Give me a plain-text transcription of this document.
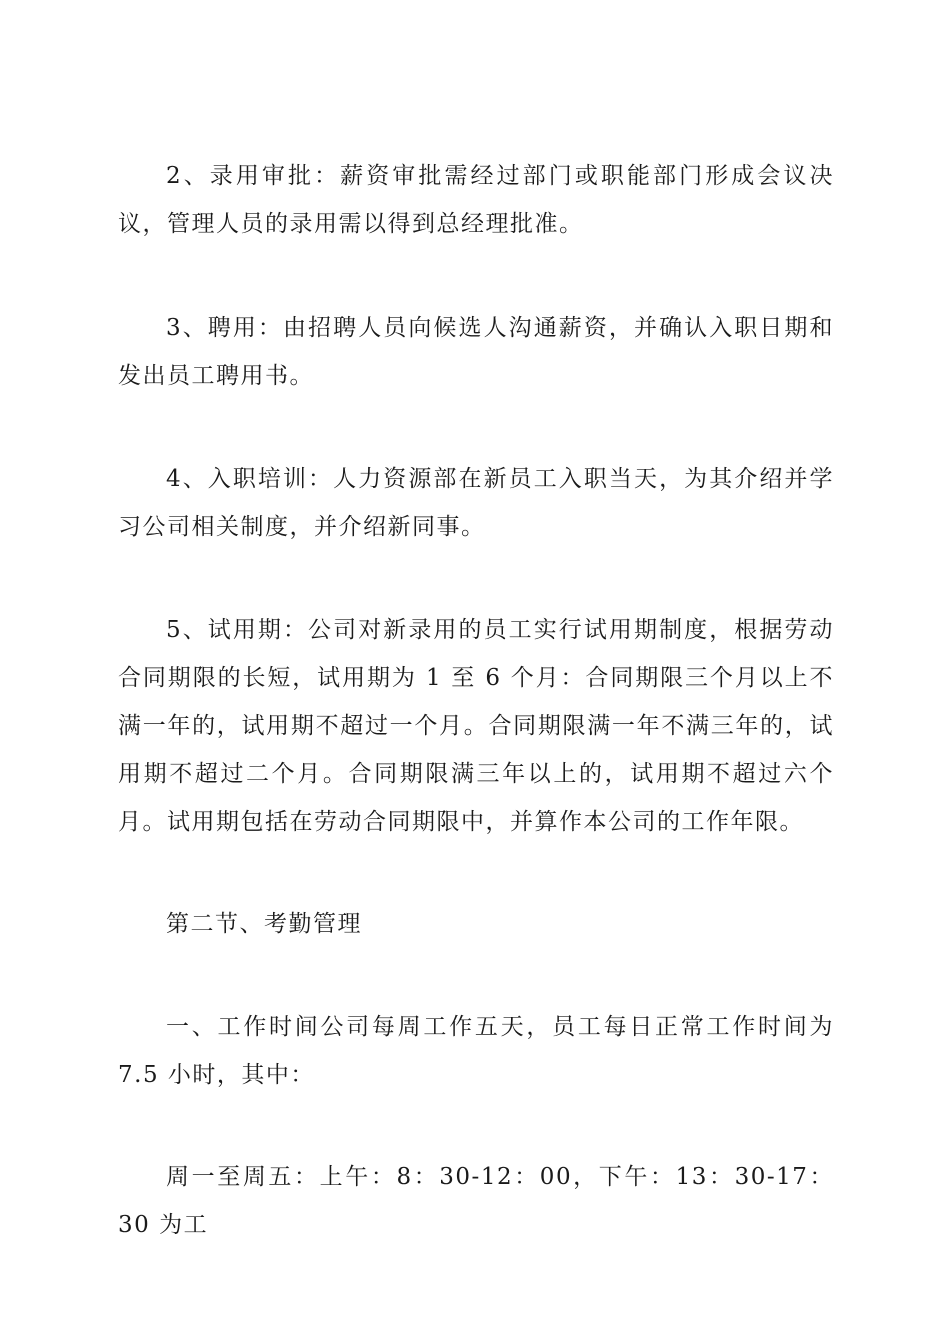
2、录用审批：薪资审批需经过部门或职能部门形成会议决议，管理人员的录用需以得到总经理批准。

3、聘用：由招聘人员向候选人沟通薪资，并确认入职日期和发出员工聘用书。

4、入职培训：人力资源部在新员工入职当天，为其介绍并学习公司相关制度，并介绍新同事。

5、试用期：公司对新录用的员工实行试用期制度，根据劳动合同期限的长短，试用期为 1 至 6 个月：合同期限三个月以上不满一年的，试用期不超过一个月。合同期限满一年不满三年的，试用期不超过二个月。合同期限满三年以上的，试用期不超过六个月。试用期包括在劳动合同期限中，并算作本公司的工作年限。

第二节、考勤管理

一、工作时间公司每周工作五天，员工每日正常工作时间为 7.5 小时，其中：

周一至周五：上午：8：30-12：00，下午：13：30-17：30 为工
